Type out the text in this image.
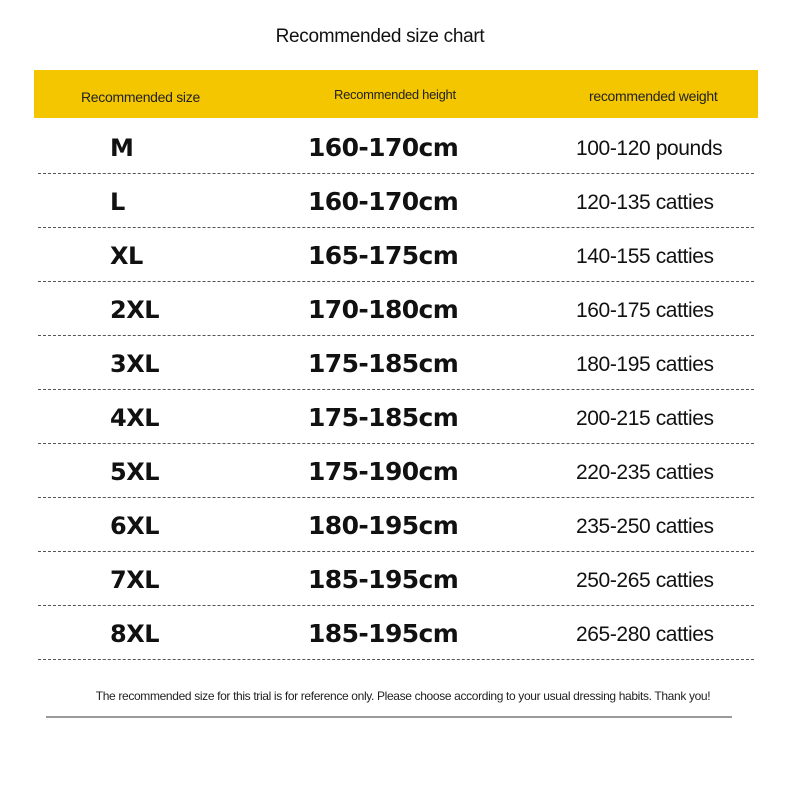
Recommended size chart
Recommended size	Recommended height	recommended weight
M	160-170cm	100-120 pounds
L	160-170cm	120-135 catties
XL	165-175cm	140-155 catties
2XL	170-180cm	160-175 catties
3XL	175-185cm	180-195 catties
4XL	175-185cm	200-215 catties
5XL	175-190cm	220-235 catties
6XL	180-195cm	235-250 catties
7XL	185-195cm	250-265 catties
8XL	185-195cm	265-280 catties
The recommended size for this trial is for reference only. Please choose according to your usual dressing habits. Thank you!
